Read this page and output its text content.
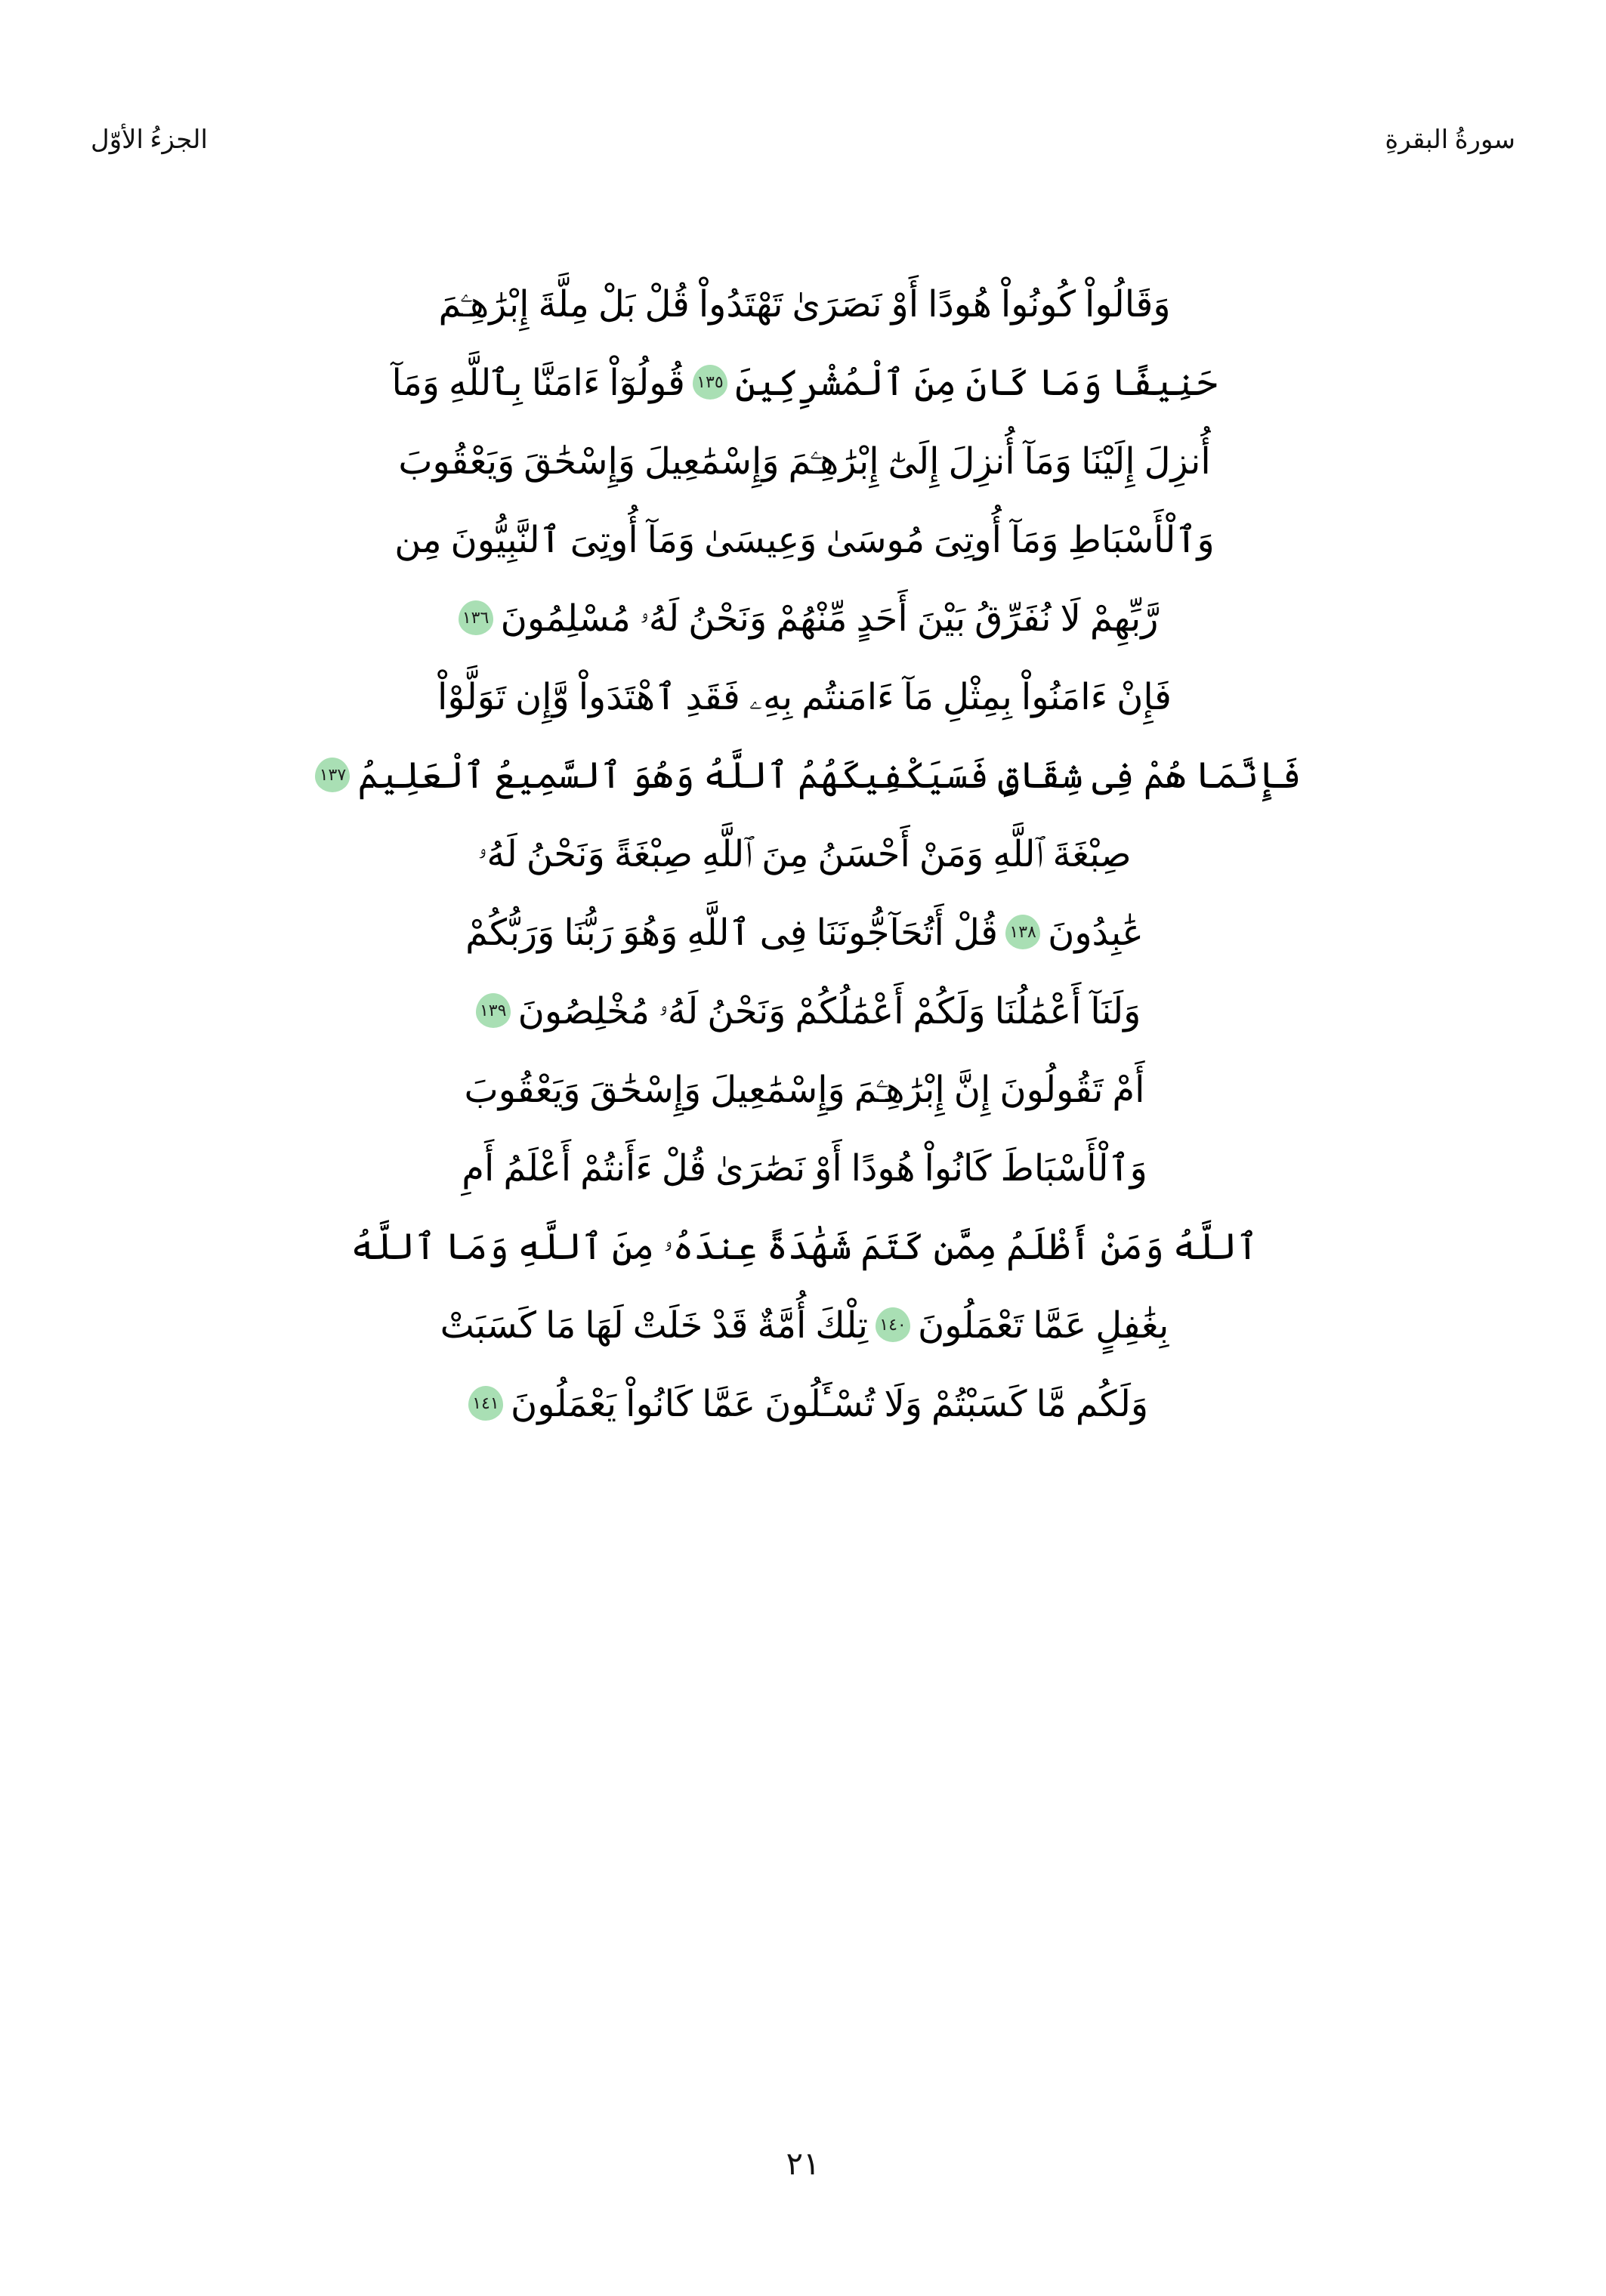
الجزءُ الأوّل	سورةُ البقرةِ
وَقَالُواْ كُونُواْ هُودًا أَوْ نَصَرَىٰ تَهْتَدُواْ قُلْ بَلْ مِلَّةَ إِبْرَٰهِـۧمَ
حَنِيفًا وَمَا كَانَ مِنَ ٱلْمُشْرِكِينَ
١٣٥
قُولُوٓاْ ءَامَنَّا بِٱللَّهِ وَمَآ
أُنزِلَ إِلَيْنَا وَمَآ أُنزِلَ إِلَىٰٓ إِبْرَٰهِـۧمَ وَإِسْمَٰعِيلَ وَإِسْحَٰقَ وَيَعْقُوبَ
وَٱلْأَسْبَاطِ وَمَآ أُوتِىَ مُوسَىٰ وَعِيسَىٰ وَمَآ أُوتِىَ ٱلنَّبِيُّونَ مِن
رَّبِّهِمْ لَا نُفَرِّقُ بَيْنَ أَحَدٍ مِّنْهُمْ وَنَحْنُ لَهُۥ مُسْلِمُونَ
١٣٦
فَإِنْ ءَامَنُواْ بِمِثْلِ مَآ ءَامَنتُم بِهِۦ فَقَدِ ٱهْتَدَواْ وَّإِن تَوَلَّوْاْ
فَإِنَّمَا هُمْ فِى شِقَاقٍ فَسَيَكْفِيكَهُمُ ٱللَّهُ وَهُوَ ٱلسَّمِيعُ ٱلْعَلِيمُ
١٣٧
صِبْغَةَ ٱللَّهِ وَمَنْ أَحْسَنُ مِنَ ٱللَّهِ صِبْغَةً وَنَحْنُ لَهُۥ
عَٰبِدُونَ
١٣٨
قُلْ أَتُحَآجُّونَنَا فِى ٱللَّهِ وَهُوَ رَبُّنَا وَرَبُّكُمْ
وَلَنَآ أَعْمَٰلُنَا وَلَكُمْ أَعْمَٰلُكُمْ وَنَحْنُ لَهُۥ مُخْلِصُونَ
١٣٩
أَمْ تَقُولُونَ إِنَّ إِبْرَٰهِـۧمَ وَإِسْمَٰعِيلَ وَإِسْحَٰقَ وَيَعْقُوبَ
وَٱلْأَسْبَاطَ كَانُواْ هُودًا أَوْ نَصَٰرَىٰ قُلْ ءَأَنتُمْ أَعْلَمُ أَمِ
ٱللَّهُ وَمَنْ أَظْلَمُ مِمَّن كَتَمَ شَهَٰدَةً عِندَهُۥ مِنَ ٱللَّهِ وَمَا ٱللَّهُ
بِغَٰفِلٍ عَمَّا تَعْمَلُونَ
١٤٠
تِلْكَ أُمَّةٌ قَدْ خَلَتْ لَهَا مَا كَسَبَتْ
وَلَكُم مَّا كَسَبْتُمْ وَلَا تُسْـَٔلُونَ عَمَّا كَانُواْ يَعْمَلُونَ
١٤١
٢١
